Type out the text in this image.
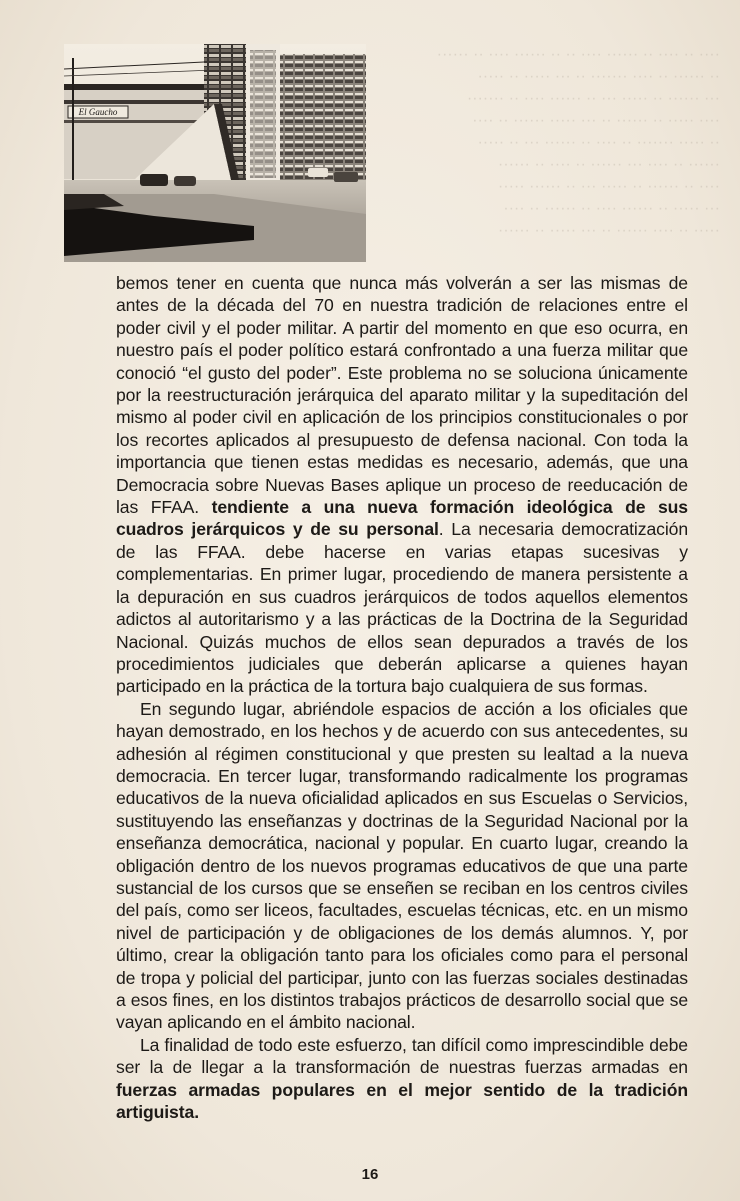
···· ·· ···· ·· ······ ···· ·· ·· ······ ···· ·· ······
·· ······ ·· ···· ······· ·· ··· ····· ·· ·····
··· ······ ·· ····· ··· ·· ······ ···· ·· ·······
···· ····· ·· ······ ·· ··· ····· ······ ·· ····
·· ····· ······· ·· ···· ·· ······ ··· ·· ·····
······ ·· ···· ··· ······ ·· ···· ·· ······
···· ·· ······ ·· ····· ··· ·· ······ ·····
··· ····· ·· ······ ···· ·· ······ ·· ····
····· ·· ···· ······ ·· ··· ····· ·· ······
El Gaucho

bemos tener en cuenta que nunca más volverán a ser las mismas de antes de la década del 70 en nuestra tradición de relaciones entre el poder civil y el poder militar. A partir del momento en que eso ocurra, en nuestro país el poder político estará confrontado a una fuerza militar que conoció “el gusto del poder”. Este problema no se soluciona únicamente por la reestructuración jerárquica del aparato militar y la supeditación del mismo al poder civil en aplicación de los principios constitucionales o por los recortes aplicados al presupuesto de defensa nacional. Con toda la importancia que tienen estas medidas es necesario, además, que una Democracia sobre Nuevas Bases aplique un proceso de reeducación de las FFAA. tendiente a una nueva formación ideológica de sus cuadros jerárquicos y de su personal. La necesaria democratización de las FFAA. debe hacerse en varias etapas sucesivas y complementarias. En primer lugar, procediendo de manera persistente a la depuración en sus cuadros jerárquicos de todos aquellos elementos adictos al autoritarismo y a las prácticas de la Doctrina de la Seguridad Nacional. Quizás muchos de ellos sean depurados a través de los procedimientos judiciales que deberán aplicarse a quienes hayan participado en la práctica de la tortura bajo cualquiera de sus formas.

En segundo lugar, abriéndole espacios de acción a los oficiales que hayan demostrado, en los hechos y de acuerdo con sus antecedentes, su adhesión al régimen constitucional y que presten su lealtad a la nueva democracia. En tercer lugar, transformando radicalmente los programas educativos de la nueva oficialidad aplicados en sus Escuelas o Servicios, sustituyendo las enseñanzas y doctrinas de la Seguridad Nacional por la enseñanza democrática, nacional y popular. En cuarto lugar, creando la obligación dentro de los nuevos programas educativos de que una parte sustancial de los cursos que se enseñen se reciban en los centros civiles del país, como ser liceos, facultades, escuelas técnicas, etc. en un mismo nivel de participación y de obligaciones de los demás alumnos. Y, por último, crear la obligación tanto para los oficiales como para el personal de tropa y policial del participar, junto con las fuerzas sociales destinadas a esos fines, en los distintos trabajos prácticos de desarrollo social que se vayan aplicando en el ámbito nacional.

La finalidad de todo este esfuerzo, tan difícil como imprescindible debe ser la de llegar a la transformación de nuestras fuerzas armadas en fuerzas armadas populares en el mejor sentido de la tradición artiguista.

16
